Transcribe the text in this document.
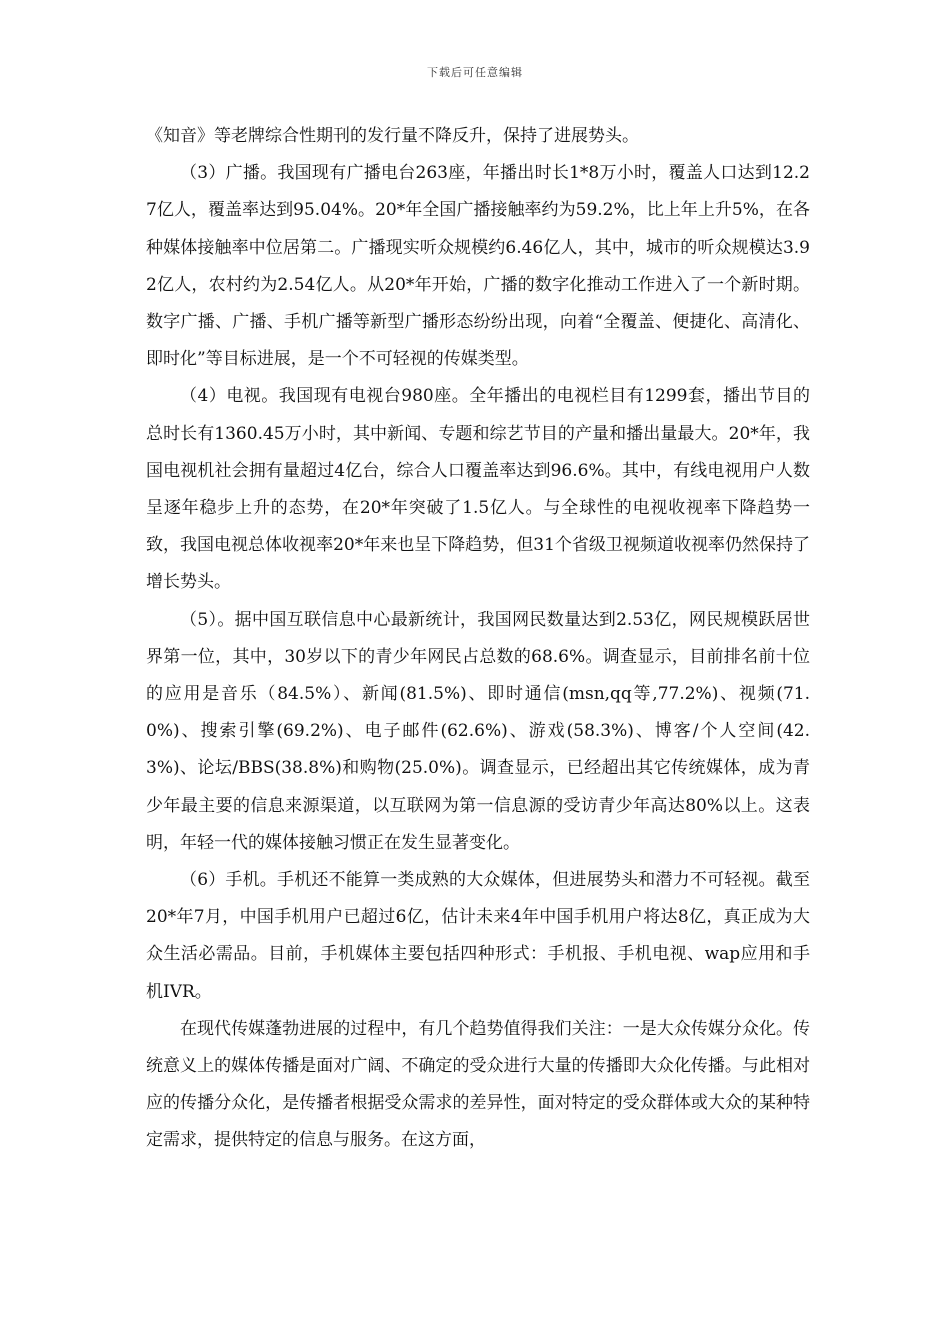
下载后可任意编辑

《知音》等老牌综合性期刊的发行量不降反升，保持了进展势头。

（3）广播。我国现有广播电台263座，年播出时长1*8万小时，覆盖人口达到12.27亿人，覆盖率达到95.04%。20*年全国广播接触率约为59.2%，比上年上升5%，在各种媒体接触率中位居第二。广播现实听众规模约6.46亿人，其中，城市的听众规模达3.92亿人，农村约为2.54亿人。从20*年开始，广播的数字化推动工作进入了一个新时期。数字广播、广播、手机广播等新型广播形态纷纷出现，向着“全覆盖、便捷化、高清化、即时化”等目标进展，是一个不可轻视的传媒类型。

（4）电视。我国现有电视台980座。全年播出的电视栏目有1299套，播出节目的总时长有1360.45万小时，其中新闻、专题和综艺节目的产量和播出量最大。20*年，我国电视机社会拥有量超过4亿台，综合人口覆盖率达到96.6%。其中，有线电视用户人数呈逐年稳步上升的态势，在20*年突破了1.5亿人。与全球性的电视收视率下降趋势一致，我国电视总体收视率20*年来也呈下降趋势，但31个省级卫视频道收视率仍然保持了增长势头。

（5）。据中国互联信息中心最新统计，我国网民数量达到2.53亿，网民规模跃居世界第一位，其中，30岁以下的青少年网民占总数的68.6%。调查显示，目前排名前十位的应用是音乐（84.5%）、新闻(81.5%)、即时通信(msn,qq等,77.2%)、视频(71.0%)、搜索引擎(69.2%)、电子邮件(62.6%)、游戏(58.3%)、博客/个人空间(42.3%)、论坛/BBS(38.8%)和购物(25.0%)。调查显示，已经超出其它传统媒体，成为青少年最主要的信息来源渠道，以互联网为第一信息源的受访青少年高达80%以上。这表明，年轻一代的媒体接触习惯正在发生显著变化。

（6）手机。手机还不能算一类成熟的大众媒体，但进展势头和潜力不可轻视。截至20*年7月，中国手机用户已超过6亿，估计未来4年中国手机用户将达8亿，真正成为大众生活必需品。目前，手机媒体主要包括四种形式：手机报、手机电视、wap应用和手机IVR。

在现代传媒蓬勃进展的过程中，有几个趋势值得我们关注：一是大众传媒分众化。传统意义上的媒体传播是面对广阔、不确定的受众进行大量的传播即大众化传播。与此相对应的传播分众化，是传播者根据受众需求的差异性，面对特定的受众群体或大众的某种特定需求，提供特定的信息与服务。在这方面，
